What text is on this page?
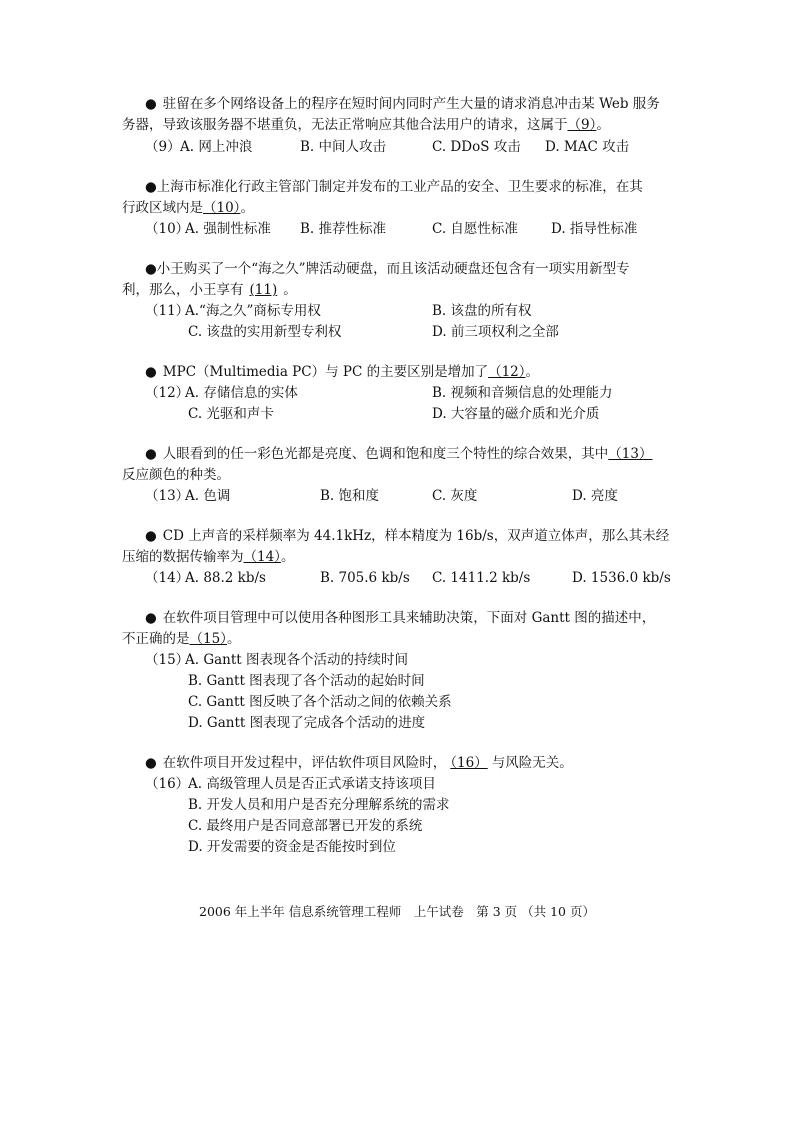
● 驻留在多个网络设备上的程序在短时间内同时产生大量的请求消息冲击某 Web 服务
务器，导致该服务器不堪重负，无法正常响应其他合法用户的请求，这属于（9）。
（9） A. 网上冲浪	B. 中间人攻击	C. DDoS 攻击 D. MAC 攻击
●上海市标准化行政主管部门制定并发布的工业产品的安全、卫生要求的标准，在其
行政区域内是（10）。
（10）
A. 强制性标准 B. 推荐性标准	C. 自愿性标准 D. 指导性标准
●小王购买了一个“海之久”牌活动硬盘，而且该活动硬盘还包含有一项实用新型专
利，那么，小王享有 (11) 。
（11）
A.“海之久”商标专用权	B. 该盘的所有权
C. 该盘的实用新型专利权	D. 前三项权利之全部
● MPC（Multimedia PC）与 PC 的主要区别是增加了（12）。
（12）
A. 存储信息的实体	B. 视频和音频信息的处理能力
C. 光驱和声卡	D. 大容量的磁介质和光介质
● 人眼看到的任一彩色光都是亮度、色调和饱和度三个特性的综合效果，其中（13）
反应颜色的种类。
（13）
A. 色调	B. 饱和度	C. 灰度	D. 亮度
● CD 上声音的采样频率为 44.1kHz，样本精度为 16b/s，双声道立体声，那么其未经
压缩的数据传输率为（14）。
（14）
A. 88.2 kb/s	B. 705.6 kb/s C. 1411.2 kb/s	D. 1536.0 kb/s
● 在软件项目管理中可以使用各种图形工具来辅助决策，下面对 Gantt 图的描述中，
不正确的是（15）。
（15）
A. Gantt 图表现各个活动的持续时间
B. Gantt 图表现了各个活动的起始时间
C. Gantt 图反映了各个活动之间的依赖关系
D. Gantt 图表现了完成各个活动的进度
● 在软件项目开发过程中，评估软件项目风险时， （16） 与风险无关。
（16）
A. 高级管理人员是否正式承诺支持该项目
B. 开发人员和用户是否充分理解系统的需求
C. 最终用户是否同意部署已开发的系统
D. 开发需要的资金是否能按时到位
2006 年上半年 信息系统管理工程师　上午试卷　第 3 页 （共 10 页）
